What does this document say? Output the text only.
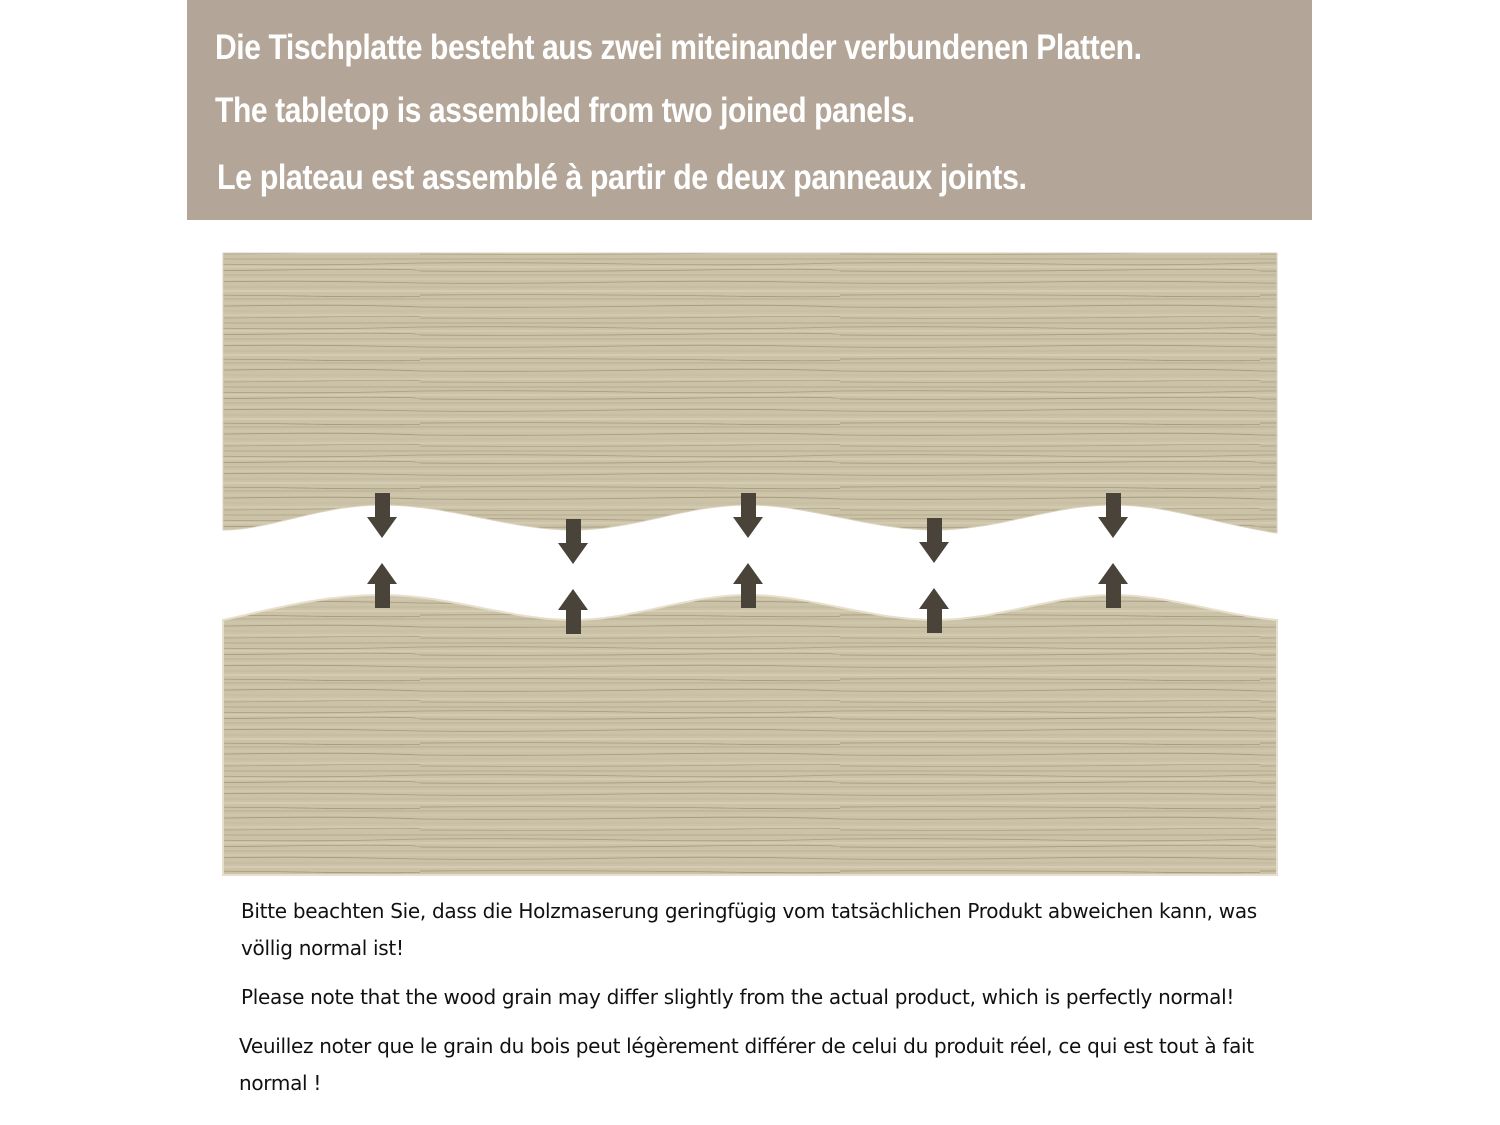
Die Tischplatte besteht aus zwei miteinander verbundenen Platten.
The tabletop is assembled from two joined panels.
Le plateau est assemblé à partir de deux panneaux joints.

Bitte beachten Sie, dass die Holzmaserung geringfügig vom tatsächlichen Produkt abweichen kann, was völlig normal ist!

Please note that the wood grain may differ slightly from the actual product, which is perfectly normal!

Veuillez noter que le grain du bois peut légèrement différer de celui du produit réel, ce qui est tout à fait normal !
